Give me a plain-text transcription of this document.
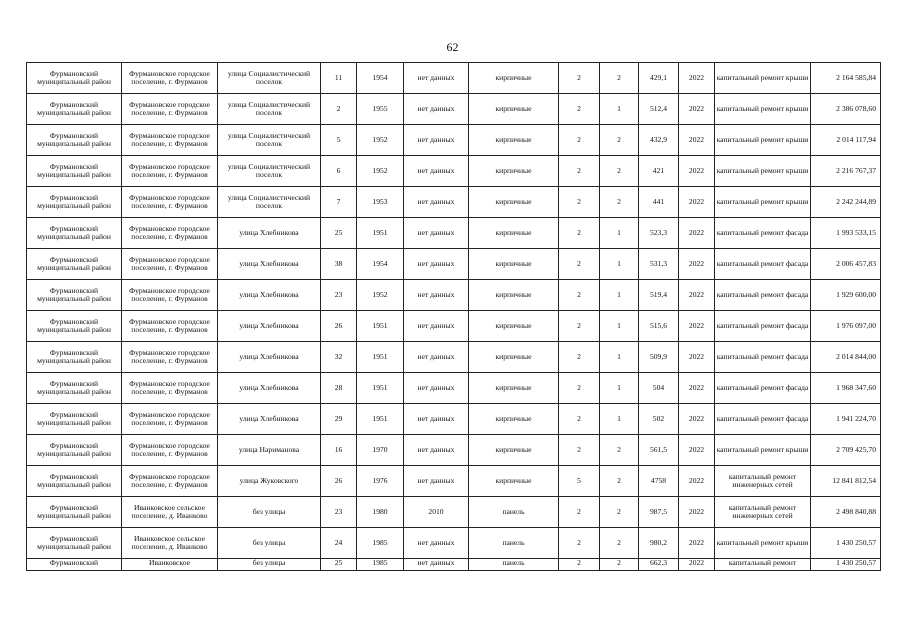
62
Фурмановский муниципальный район	Фурмановское городское поселение, г. Фурманов	улица Социалистический поселок	11	1954	нет данных	кирпичные	2	2	429,1	2022	капитальный ремонт крыши	2 164 585,84
Фурмановский муниципальный район	Фурмановское городское поселение, г. Фурманов	улица Социалистический поселок	2	1955	нет данных	кирпичные	2	1	512,4	2022	капитальный ремонт крыши	2 386 078,60
Фурмановский муниципальный район	Фурмановское городское поселение, г. Фурманов	улица Социалистический поселок	5	1952	нет данных	кирпичные	2	2	432,9	2022	капитальный ремонт крыши	2 014 117,94
Фурмановский муниципальный район	Фурмановское городское поселение, г. Фурманов	улица Социалистический поселок	6	1952	нет данных	кирпичные	2	2	421	2022	капитальный ремонт крыши	2 216 767,37
Фурмановский муниципальный район	Фурмановское городское поселение, г. Фурманов	улица Социалистический поселок	7	1953	нет данных	кирпичные	2	2	441	2022	капитальный ремонт крыши	2 242 244,89
Фурмановский муниципальный район	Фурмановское городское поселение, г. Фурманов	улица Хлебникова	25	1951	нет данных	кирпичные	2	1	523,3	2022	капитальный ремонт фасада	1 993 533,15
Фурмановский муниципальный район	Фурмановское городское поселение, г. Фурманов	улица Хлебникова	38	1954	нет данных	кирпичные	2	1	531,3	2022	капитальный ремонт фасада	2 006 457,83
Фурмановский муниципальный район	Фурмановское городское поселение, г. Фурманов	улица Хлебникова	23	1952	нет данных	кирпичные	2	1	519,4	2022	капитальный ремонт фасада	1 929 600,00
Фурмановский муниципальный район	Фурмановское городское поселение, г. Фурманов	улица Хлебникова	26	1951	нет данных	кирпичные	2	1	515,6	2022	капитальный ремонт фасада	1 976 097,00
Фурмановский муниципальный район	Фурмановское городское поселение, г. Фурманов	улица Хлебникова	32	1951	нет данных	кирпичные	2	1	509,9	2022	капитальный ремонт фасада	2 014 844,00
Фурмановский муниципальный район	Фурмановское городское поселение, г. Фурманов	улица Хлебникова	28	1951	нет данных	кирпичные	2	1	504	2022	капитальный ремонт фасада	1 968 347,60
Фурмановский муниципальный район	Фурмановское городское поселение, г. Фурманов	улица Хлебникова	29	1951	нет данных	кирпичные	2	1	502	2022	капитальный ремонт фасада	1 941 224,70
Фурмановский муниципальный район	Фурмановское городское поселение, г. Фурманов	улица Нариманова	16	1970	нет данных	кирпичные	2	2	561,5	2022	капитальный ремонт крыши	2 709 425,70
Фурмановский муниципальный район	Фурмановское городское поселение, г. Фурманов	улица Жуковского	26	1976	нет данных	кирпичные	5	2	4758	2022	капитальный ремонт инженерных сетей	12 841 812,54
Фурмановский муниципальный район	Иванковское сельское поселение, д. Иванково	без улицы	23	1980	2010	панель	2	2	987,5	2022	капитальный ремонт инженерных сетей	2 498 840,88
Фурмановский муниципальный район	Иванковское сельское поселение, д. Иванково	без улицы	24	1985	нет данных	панель	2	2	980,2	2022	капитальный ремонт крыши	1 430 250,57
Фурмановский	Иванковское	без улицы	25	1985	нет данных	панель	2	2	662,3	2022	капитальный ремонт	1 430 250,57
